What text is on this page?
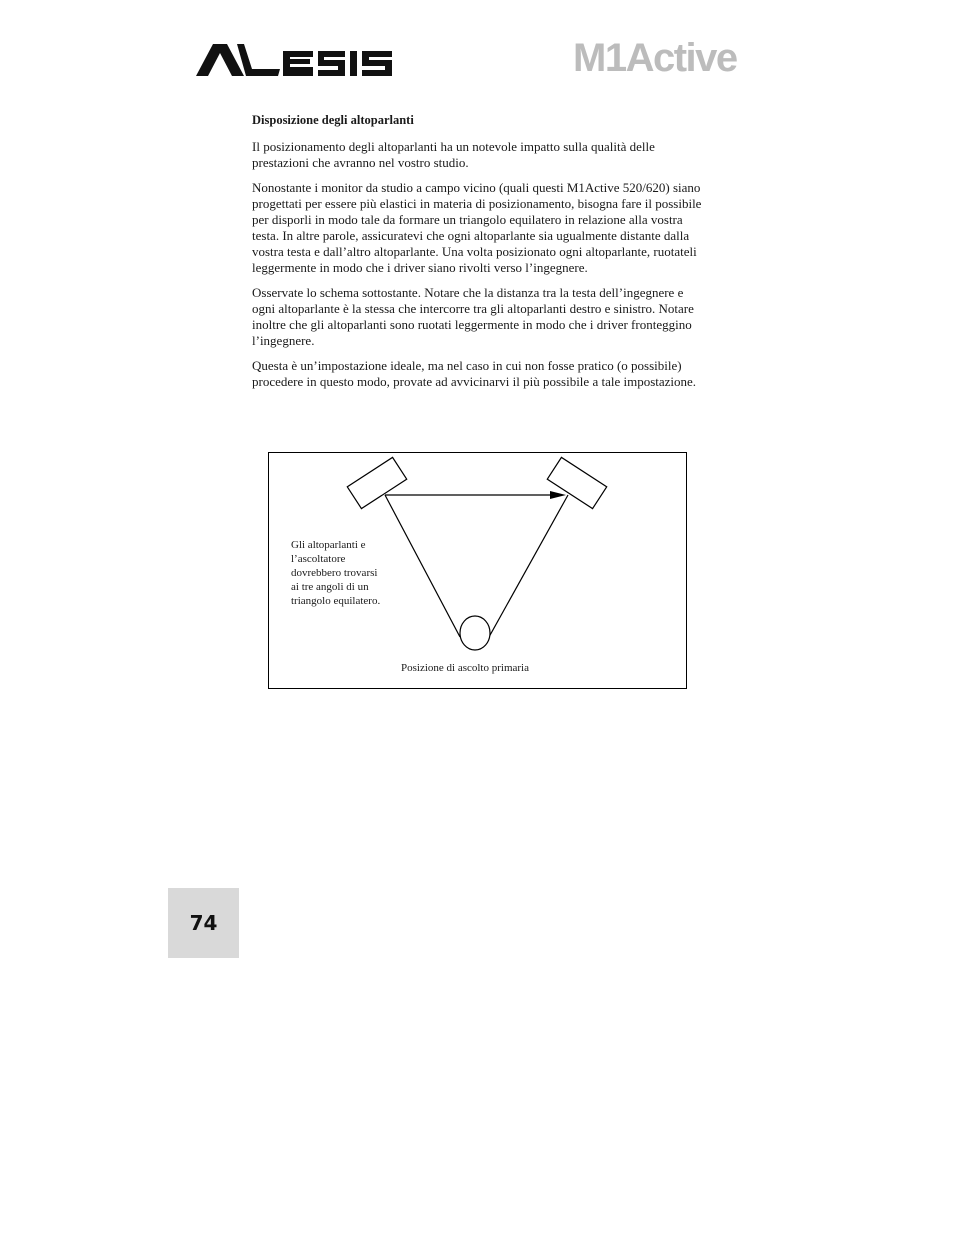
M1Active
Disposizione degli altoparlanti

Il posizionamento degli altoparlanti ha un notevole impatto sulla qualità delle prestazioni che avranno nel vostro studio.

Nonostante i monitor da studio a campo vicino (quali questi M1Active 520/620) siano progettati per essere più elastici in materia di posizionamento, bisogna fare il possibile per disporli in modo tale da formare un triangolo equilatero in relazione alla vostra testa. In altre parole, assicuratevi che ogni altoparlante sia ugualmente distante dalla vostra testa e dall’altro altoparlante. Una volta posizionato ogni altoparlante, ruotateli leggermente in modo che i driver siano rivolti verso l’ingegnere.

Osservate lo schema sottostante. Notare che la distanza tra la testa dell’ingegnere e ogni altoparlante è la stessa che intercorre tra gli altoparlanti destro e sinistro. Notare inoltre che gli altoparlanti sono ruotati leggermente in modo che i driver fronteggino l’ingegnere.

Questa è un’impostazione ideale, ma nel caso in cui non fosse pratico (o possibile) procedere in questo modo, provate ad avvicinarvi il più possibile a tale impostazione.

Gli altoparlanti e l’ascoltatore dovrebbero trovarsi ai tre angoli di un triangolo equilatero.
Posizione di ascolto primaria
74
